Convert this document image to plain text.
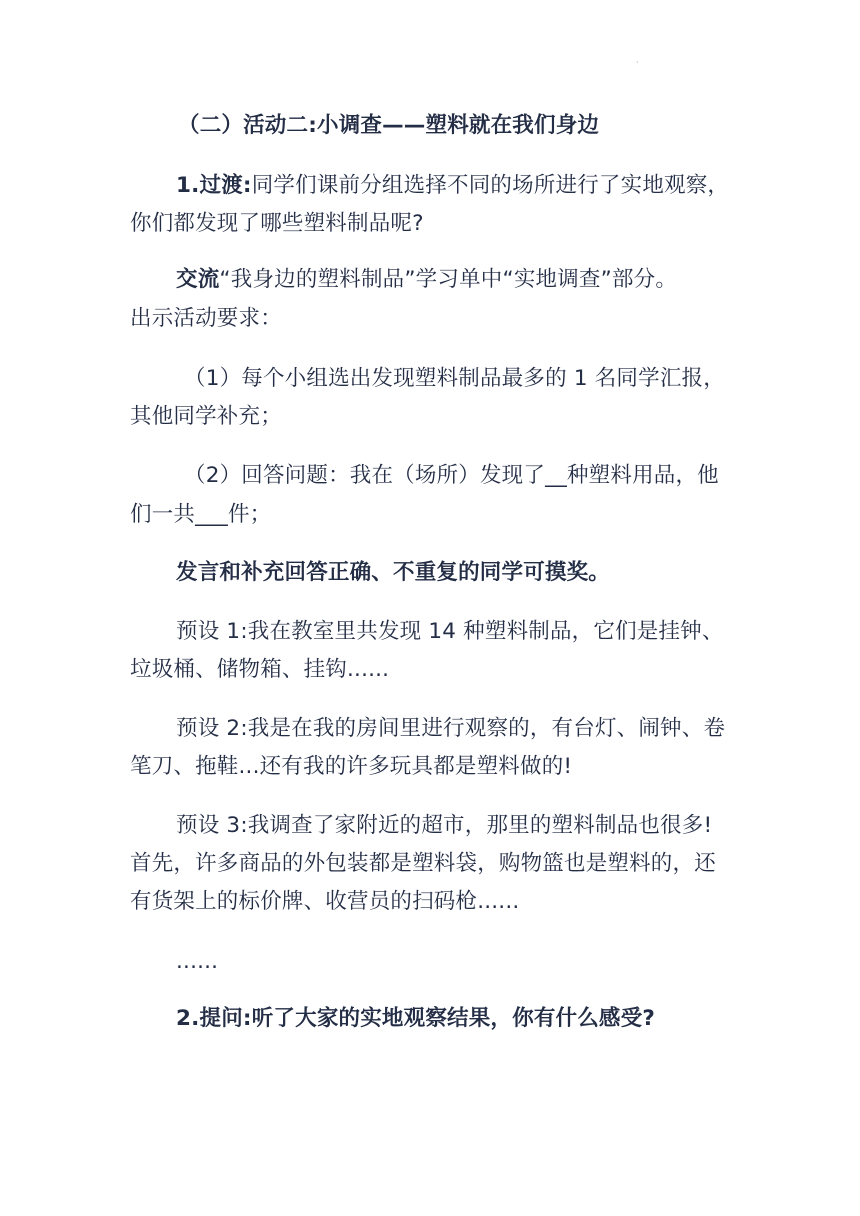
·
（二）活动二:小调查——塑料就在我们身边
1.过渡:同学们课前分组选择不同的场所进行了实地观察，
你们都发现了哪些塑料制品呢?
交流“我身边的塑料制品”学习单中“实地调查”部分。
出示活动要求：
（1）每个小组选出发现塑料制品最多的 1 名同学汇报，
其他同学补充；
（2）回答问题：我在（场所）发现了__种塑料用品，他
们一共___件；
发言和补充回答正确、不重复的同学可摸奖。
预设 1:我在教室里共发现 14 种塑料制品，它们是挂钟、
垃圾桶、储物箱、挂钩......
预设 2:我是在我的房间里进行观察的，有台灯、闹钟、卷
笔刀、拖鞋...还有我的许多玩具都是塑料做的!
预设 3:我调查了家附近的超市，那里的塑料制品也很多!
首先，许多商品的外包装都是塑料袋，购物篮也是塑料的，还
有货架上的标价牌、收营员的扫码枪......
......
2.提问:听了大家的实地观察结果，你有什么感受?
